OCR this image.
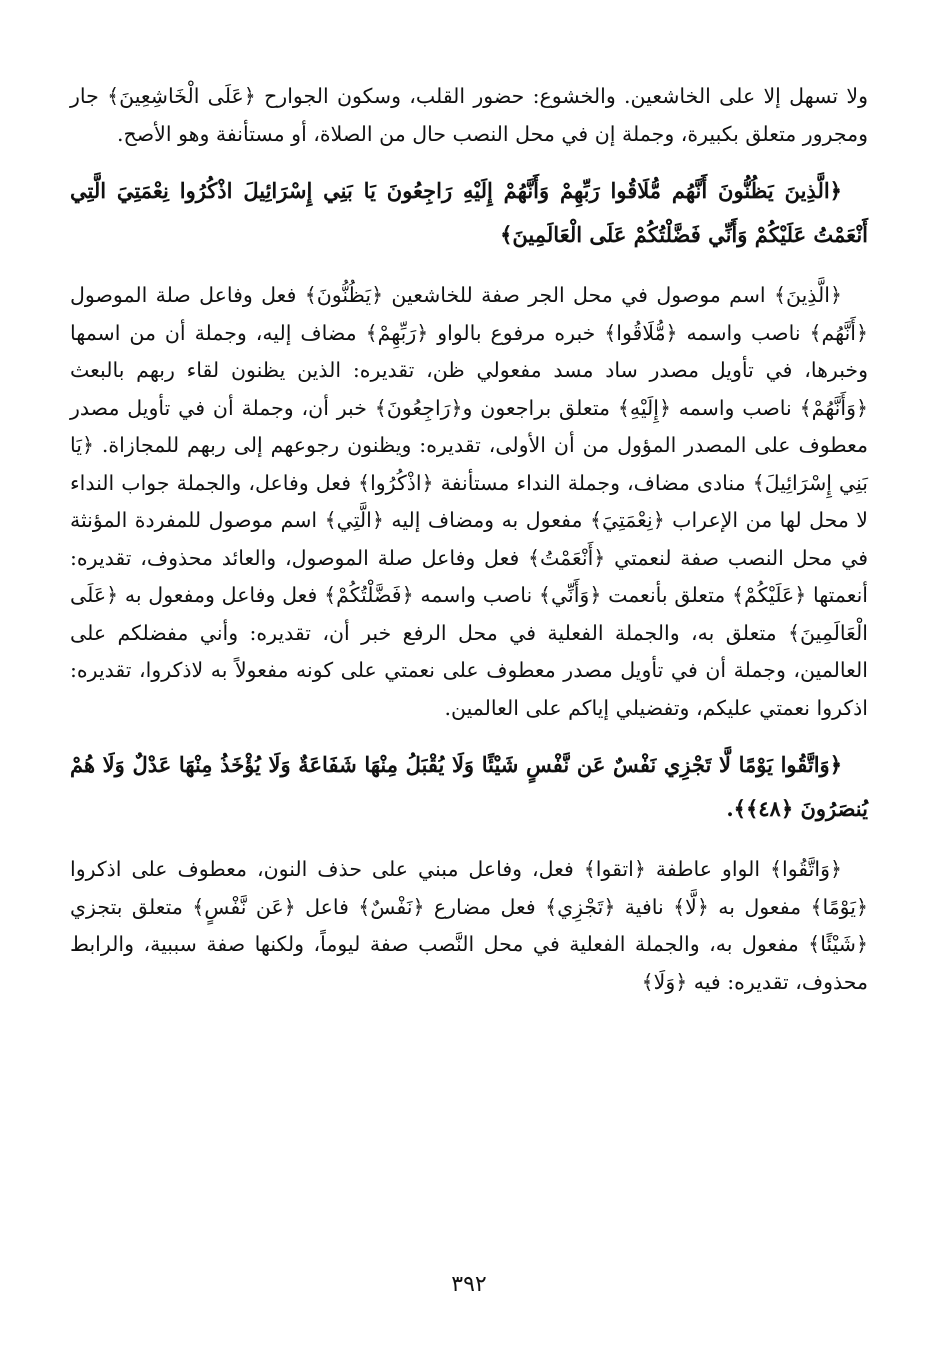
ولا تسهل إلا على الخاشعين. والخشوع: حضور القلب، وسكون الجوارح ﴿عَلَى الْخَاشِعِينَ﴾ جار ومجرور متعلق بكبيرة، وجملة إن في محل النصب حال من الصلاة، أو مستأنفة وهو الأصح.

﴿الَّذِينَ يَظُنُّونَ أَنَّهُم مُّلَاقُوا رَبِّهِمْ وَأَنَّهُمْ إِلَيْهِ رَاجِعُونَ يَا بَنِي إِسْرَائِيلَ اذْكُرُوا نِعْمَتِيَ الَّتِي أَنْعَمْتُ عَلَيْكُمْ وَأَنِّي فَضَّلْتُكُمْ عَلَى الْعَالَمِينَ﴾

﴿الَّذِينَ﴾ اسم موصول في محل الجر صفة للخاشعين ﴿يَظُنُّونَ﴾ فعل وفاعل صلة الموصول ﴿أَنَّهُم﴾ ناصب واسمه ﴿مُّلَاقُوا﴾ خبره مرفوع بالواو ﴿رَبِّهِمْ﴾ مضاف إليه، وجملة أن من اسمها وخبرها، في تأويل مصدر ساد مسد مفعولي ظن، تقديره: الذين يظنون لقاء ربهم بالبعث ﴿وَأَنَّهُمْ﴾ ناصب واسمه ﴿إِلَيْهِ﴾ متعلق براجعون و﴿رَاجِعُونَ﴾ خبر أن، وجملة أن في تأويل مصدر معطوف على المصدر المؤول من أن الأولى، تقديره: ويظنون رجوعهم إلى ربهم للمجازاة. ﴿يَا بَنِي إِسْرَائِيلَ﴾ منادى مضاف، وجملة النداء مستأنفة ﴿اذْكُرُوا﴾ فعل وفاعل، والجملة جواب النداء لا محل لها من الإعراب ﴿نِعْمَتِيَ﴾ مفعول به ومضاف إليه ﴿الَّتِي﴾ اسم موصول للمفردة المؤنثة في محل النصب صفة لنعمتي ﴿أَنْعَمْتُ﴾ فعل وفاعل صلة الموصول، والعائد محذوف، تقديره: أنعمتها ﴿عَلَيْكُمْ﴾ متعلق بأنعمت ﴿وَأَنِّي﴾ ناصب واسمه ﴿فَضَّلْتُكُمْ﴾ فعل وفاعل ومفعول به ﴿عَلَى الْعَالَمِينَ﴾ متعلق به، والجملة الفعلية في محل الرفع خبر أن، تقديره: وأني مفضلكم على العالمين، وجملة أن في تأويل مصدر معطوف على نعمتي على كونه مفعولاً به لاذكروا، تقديره: اذكروا نعمتي عليكم، وتفضيلي إياكم على العالمين.

﴿وَاتَّقُوا يَوْمًا لَّا تَجْزِي نَفْسٌ عَن نَّفْسٍ شَيْئًا وَلَا يُقْبَلُ مِنْهَا شَفَاعَةٌ وَلَا يُؤْخَذُ مِنْهَا عَدْلٌ وَلَا هُمْ يُنصَرُونَ ﴿٤٨﴾﴾.

﴿وَاتَّقُوا﴾ الواو عاطفة ﴿اتقوا﴾ فعل، وفاعل مبني على حذف النون، معطوف على اذكروا ﴿يَوْمًا﴾ مفعول به ﴿لَّا﴾ نافية ﴿تَجْزِي﴾ فعل مضارع ﴿نَفْسٌ﴾ فاعل ﴿عَن نَّفْسٍ﴾ متعلق بتجزي ﴿شَيْئًا﴾ مفعول به، والجملة الفعلية في محل النَّصب صفة ليوماً، ولكنها صفة سببية، والرابط محذوف، تقديره: فيه ﴿وَلَا﴾

٣٩٢
